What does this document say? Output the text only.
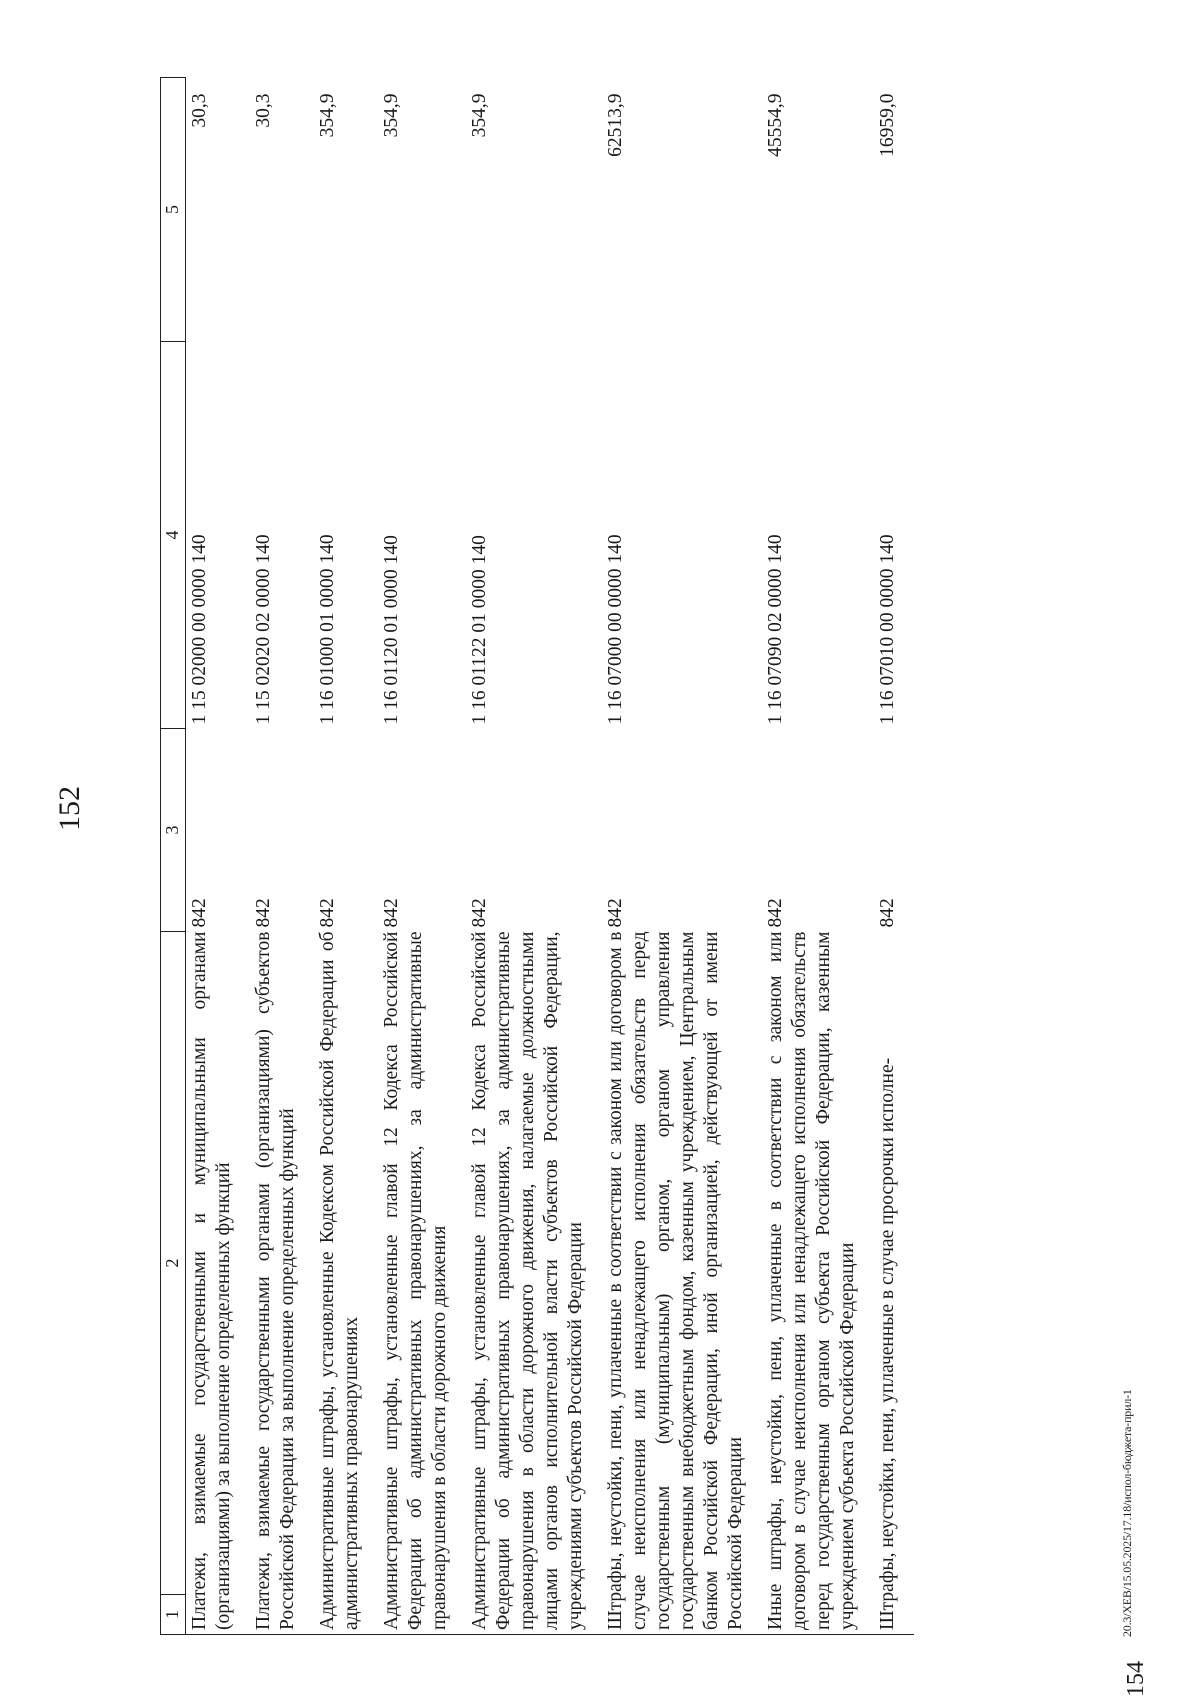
152
1	2	3	4	5
Платежи, взимаемые государственными и муниципальными органами (организациями) за выполнение определенных функций		842	1 15 02000 00 0000 140	30,3
Платежи, взимаемые государственными органами (организациями) субъектов Российской Федерации за выполнение определенных функций		842	1 15 02020 02 0000 140	30,3
Административные штрафы, установленные Кодексом Российской Федерации об административных правонарушениях		842	1 16 01000 01 0000 140	354,9
Административные штрафы, установленные главой 12 Кодекса Российской Федерации об административных правонарушениях, за административные правонарушения в области дорожного движения		842	1 16 01120 01 0000 140	354,9
Административные штрафы, установленные главой 12 Кодекса Российской Федерации об административных правонарушениях, за административные правонарушения в области дорожного движения, налагаемые должностными лицами органов исполнительной власти субъектов Российской Федерации, учреждениями субъектов Российской Федерации		842	1 16 01122 01 0000 140	354,9
Штрафы, неустойки, пени, уплаченные в соответствии с законом или договором в случае неисполнения или ненадлежащего исполнения обязательств перед государственным (муниципальным) органом, органом управления государственным внебюджетным фондом, казенным учреждением, Центральным банком Российской Федерации, иной организацией, действующей от имени Российской Федерации		842	1 16 07000 00 0000 140	62513,9
Иные штрафы, неустойки, пени, уплаченные в соответствии с законом или договором в случае неисполнения или ненадлежащего исполнения обязательств перед государственным органом субъекта Российской Федерации, казенным учреждением субъекта Российской Федерации		842	1 16 07090 02 0000 140	45554,9
Штрафы, неустойки, пени, уплаченные в случае просрочки исполне-		842	1 16 07010 00 0000 140	16959,0
20.3/XEB/15.05.2025/17.18/испол-бюджета-прил-1
154
